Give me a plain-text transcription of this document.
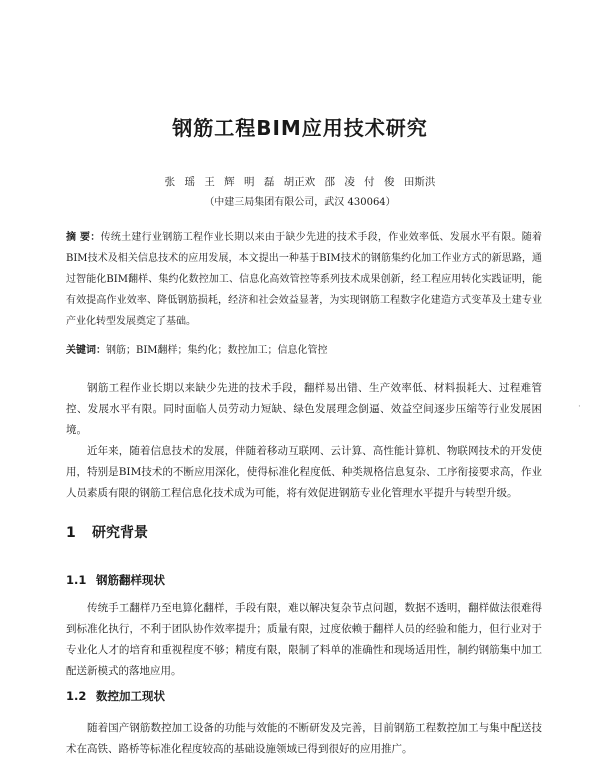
钢筋工程BIM应用技术研究
张 瑶 王 辉 明 磊 胡正欢 邵 凌 付 俊 田斯洪
（中建三局集团有限公司，武汉 430064）
摘 要：传统土建行业钢筋工程作业长期以来由于缺少先进的技术手段，作业效率低、发展水平有限。随着BIM技术及相关信息技术的应用发展，本文提出一种基于BIM技术的钢筋集约化加工作业方式的新思路，通过智能化BIM翻样、集约化数控加工、信息化高效管控等系列技术成果创新，经工程应用转化实践证明，能有效提高作业效率、降低钢筋损耗，经济和社会效益显著，为实现钢筋工程数字化建造方式变革及土建专业产业化转型发展奠定了基础。
关键词：钢筋；BIM翻样；集约化；数控加工；信息化管控
钢筋工程作业长期以来缺少先进的技术手段，翻样易出错、生产效率低、材料损耗大、过程难管控、发展水平有限。同时面临人员劳动力短缺、绿色发展理念倒逼、效益空间逐步压缩等行业发展困境。
近年来，随着信息技术的发展，伴随着移动互联网、云计算、高性能计算机、物联网技术的开发使用，特别是BIM技术的不断应用深化，使得标准化程度低、种类规格信息复杂、工序衔接要求高，作业人员素质有限的钢筋工程信息化技术成为可能，将有效促进钢筋专业化管理水平提升与转型升级。
1 研究背景
1.1 钢筋翻样现状
传统手工翻样乃至电算化翻样，手段有限，难以解决复杂节点问题，数据不透明，翻样做法很难得到标准化执行，不利于团队协作效率提升；质量有限，过度依赖于翻样人员的经验和能力，但行业对于专业化人才的培育和重视程度不够；精度有限，限制了料单的准确性和现场适用性，制约钢筋集中加工配送新模式的落地应用。
1.2 数控加工现状
随着国产钢筋数控加工设备的功能与效能的不断研发及完善，目前钢筋工程数控加工与集中配送技术在高铁、路桥等标准化程度较高的基础设施领域已得到很好的应用推广。
·
